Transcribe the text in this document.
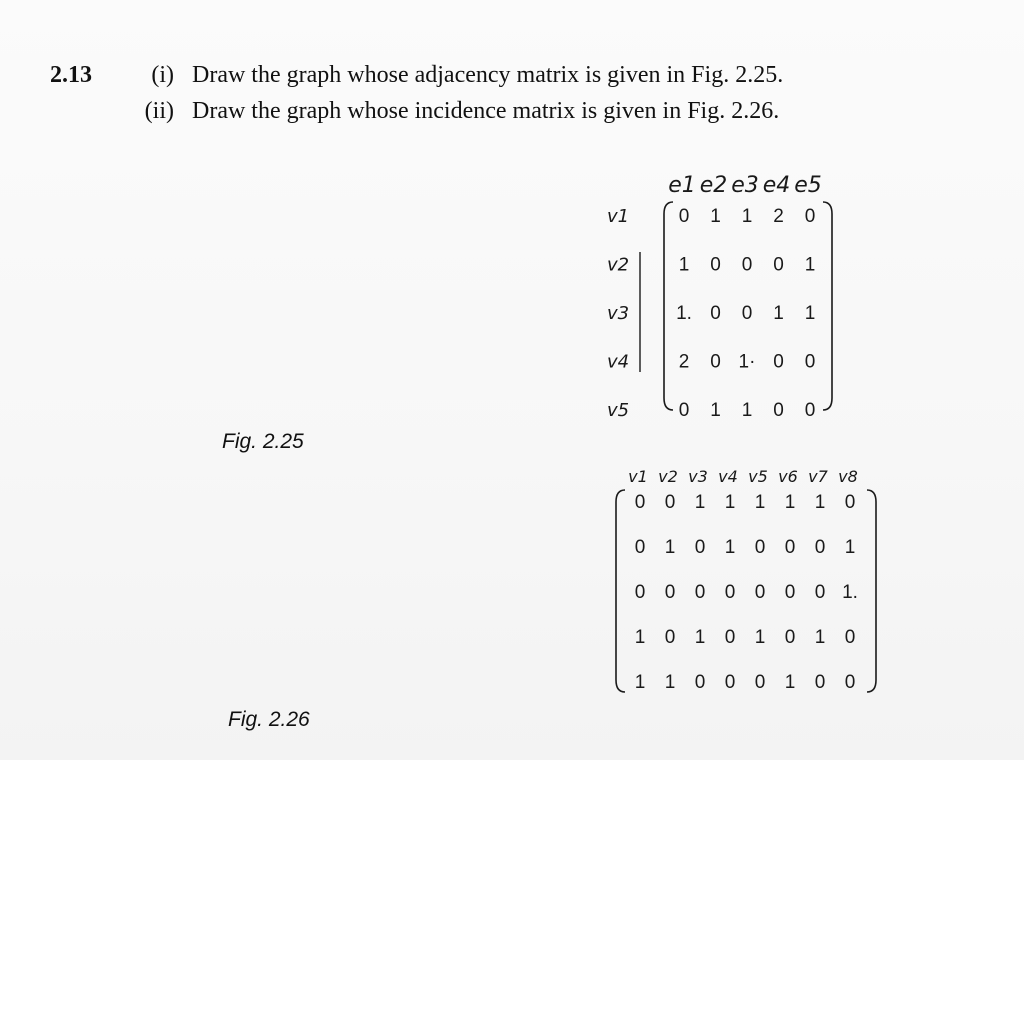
2.13	(i) Draw the graph whose adjacency matrix is given in Fig. 2.25.
(ii) Draw the graph whose incidence matrix is given in Fig. 2.26.
e1 e2 e3 e4 e5
v1
v2
v3
v4
v5
0 1 1 2 0
1 0 0 0 1
1. 0 0 1 1
2 0 1· 0 0
0 1 1 0 0
Fig. 2.25
v1 v2 v3 v4 v5 v6 v7 v8
0 0 1 1 1 1 1 0
0 1 0 1 0 0 0 1
0 0 0 0 0 0 0 1.
1 0 1 0 1 0 1 0
1 1 0 0 0 1 0 0
Fig. 2.26
